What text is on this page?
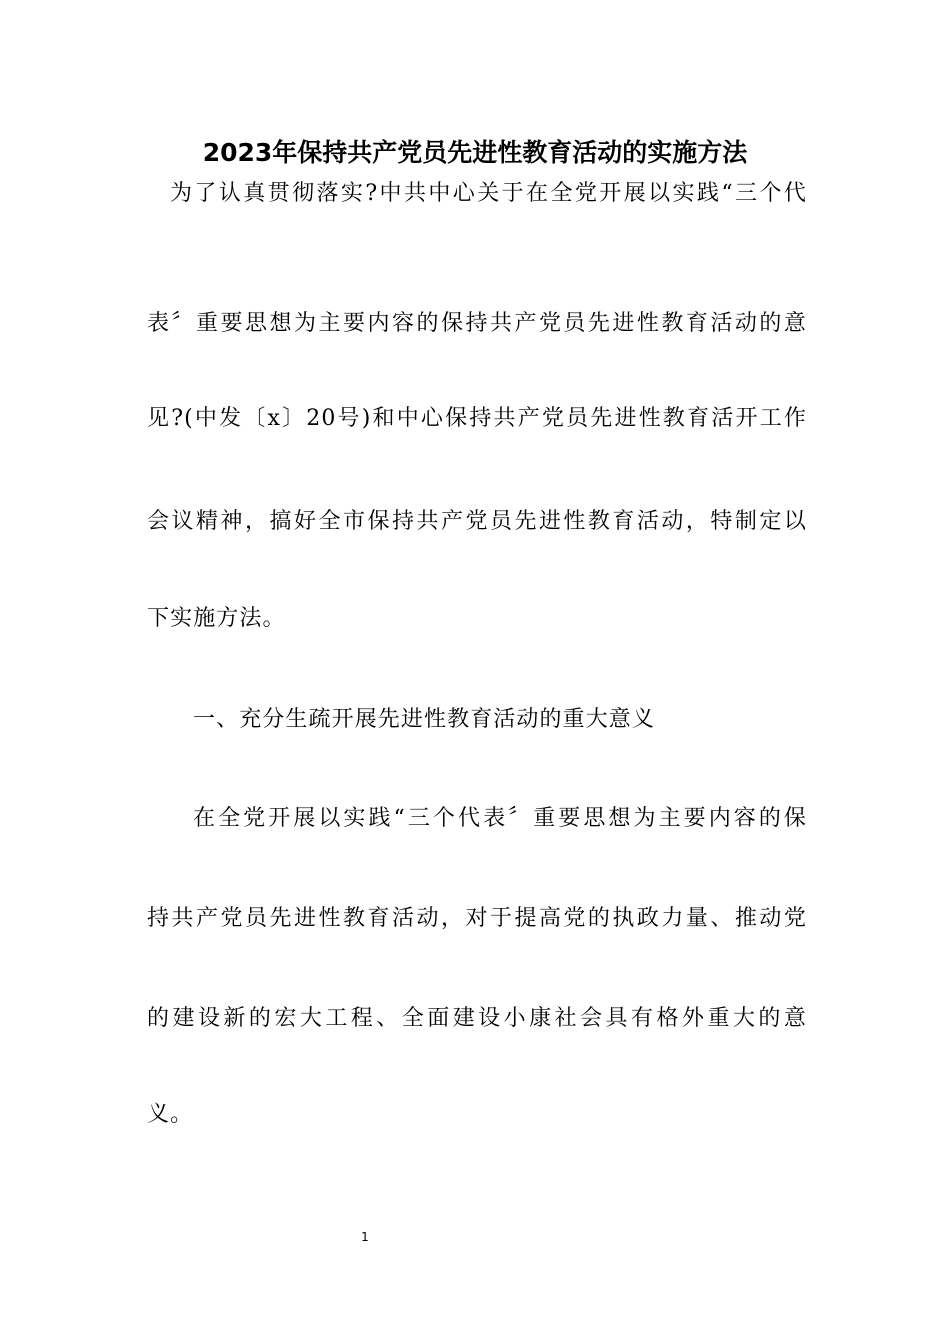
2023年保持共产党员先进性教育活动的实施方法
为了认真贯彻落实?中共中心关于在全党开展以实践“三个代
表〞重要思想为主要内容的保持共产党员先进性教育活动的意
见?(中发〔x〕20号)和中心保持共产党员先进性教育活开工作
会议精神，搞好全市保持共产党员先进性教育活动，特制定以
下实施方法。
一、充分生疏开展先进性教育活动的重大意义
在全党开展以实践“三个代表〞重要思想为主要内容的保
持共产党员先进性教育活动，对于提高党的执政力量、推动党
的建设新的宏大工程、全面建设小康社会具有格外重大的意
义。
1
